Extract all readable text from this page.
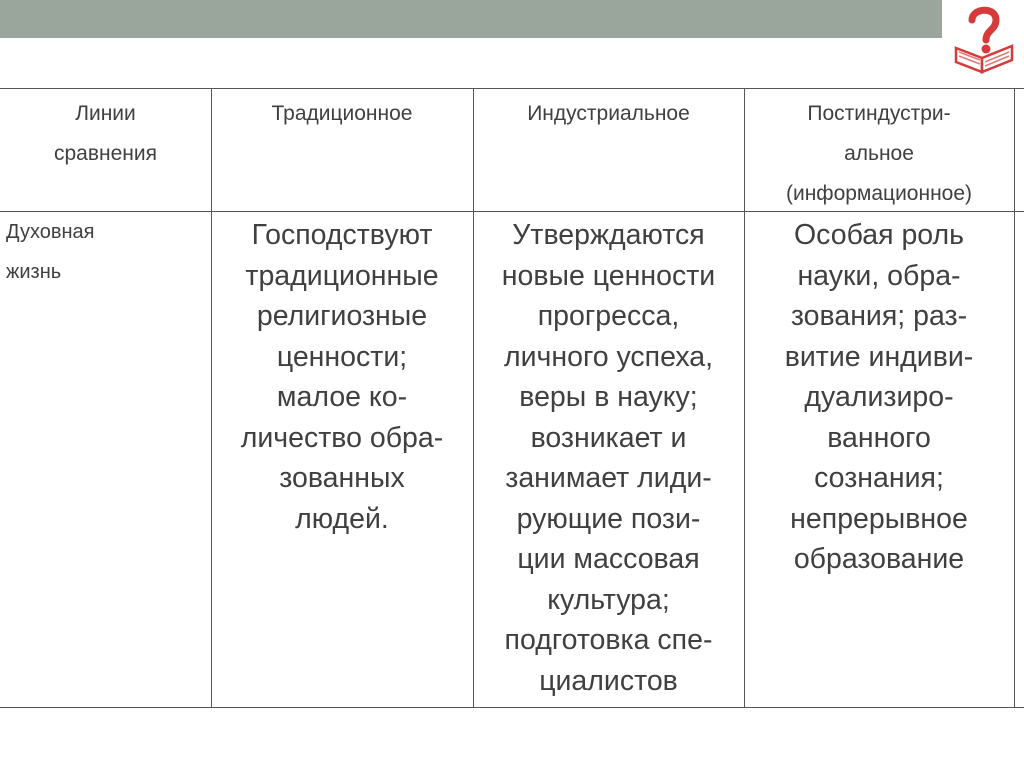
Линии
сравнения
Традиционное	Индустриальное	Постиндустри-
альное
(информационное)
Духовная
жизнь
Господствуют
традиционные
религиозные
ценности;
малое ко-
личество обра-
зованных
людей.
Утверждаются
новые ценности
прогресса,
личного успеха,
веры в науку;
возникает и
занимает лиди-
рующие пози-
ции массовая
культура;
подготовка спе-
циалистов
Особая роль
науки, обра-
зования; раз-
витие индиви-
дуализиро-
ванного
сознания;
непрерывное
образование
